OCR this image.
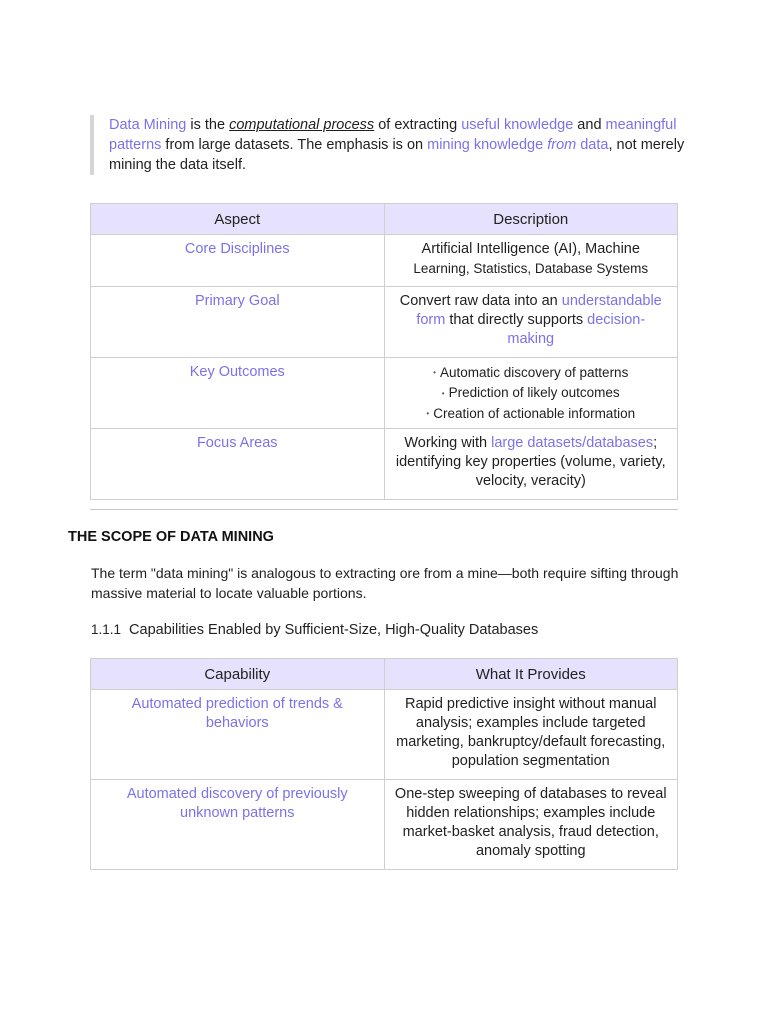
Data Mining is the computational process of extracting useful knowledge and meaningful patterns from large datasets. The emphasis is on mining knowledge from data, not merely mining the data itself.
Aspect	Description
Core Disciplines	Artificial Intelligence (AI), Machine
Learning, Statistics, Database Systems
Primary Goal	Convert raw data into an understandable form that directly supports decision-making
Key Outcomes	• Automatic discovery of patterns
• Prediction of likely outcomes
• Creation of actionable information

Focus Areas	Working with large datasets/databases; identifying key properties (volume, variety, velocity, veracity)
THE SCOPE OF DATA MINING
The term "data mining" is analogous to extracting ore from a mine—both require sifting through massive material to locate valuable portions.
1.1.1 Capabilities Enabled by Sufficient-Size, High-Quality Databases
Capability	What It Provides
Automated prediction of trends & behaviors	Rapid predictive insight without manual analysis; examples include targeted marketing, bankruptcy/default forecasting, population segmentation
Automated discovery of previously unknown patterns	One-step sweeping of databases to reveal hidden relationships; examples include market-basket analysis, fraud detection, anomaly spotting
